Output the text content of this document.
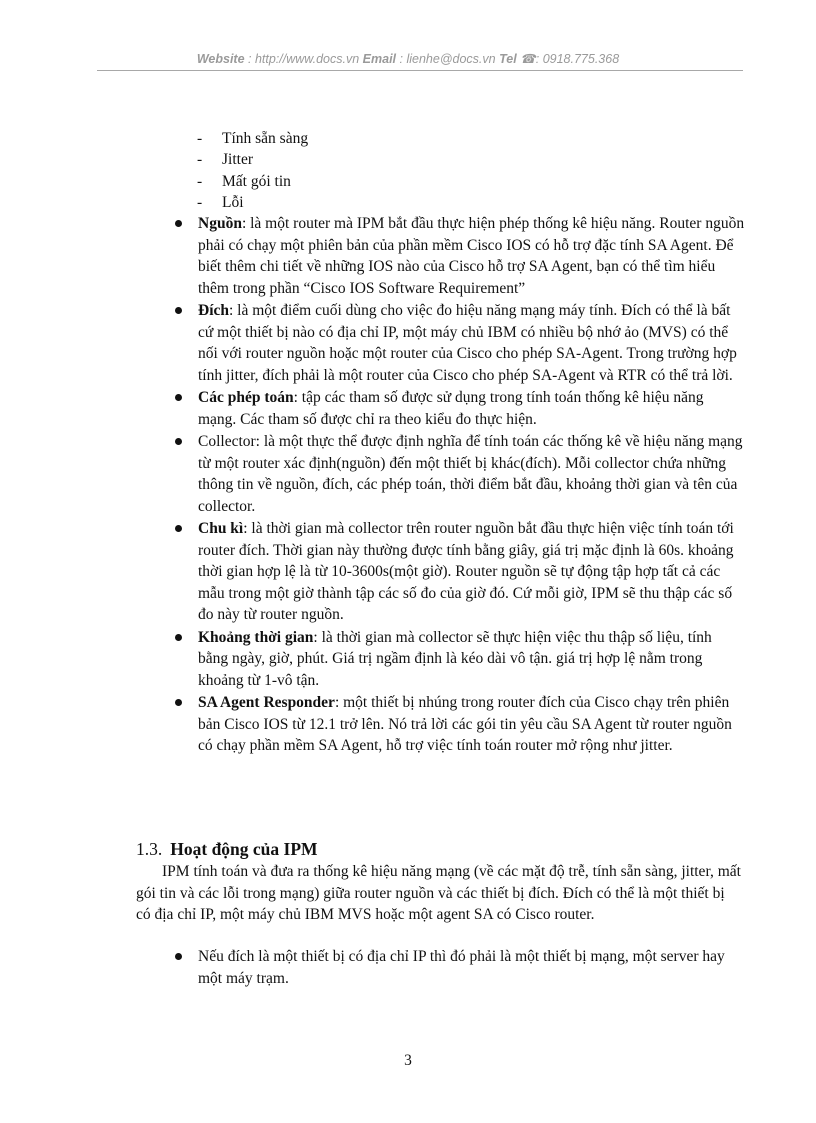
Website : http://www.docs.vn Email : lienhe@docs.vn Tel ☎: 0918.775.368
- Tính sẵn sàng
- Jitter
- Mất gói tin
- Lỗi
Nguồn: là một router mà IPM bắt đầu thực hiện phép thống kê hiệu năng. Router nguồn phải có chạy một phiên bản của phần mềm Cisco IOS có hỗ trợ đặc tính SA Agent. Để biết thêm chi tiết về những IOS nào của Cisco hỗ trợ SA Agent, bạn có thể tìm hiểu thêm trong phần “Cisco IOS Software Requirement”
Đích: là một điểm cuối dùng cho việc đo hiệu năng mạng máy tính. Đích có thể là bất cứ một thiết bị nào có địa chỉ IP, một máy chủ IBM có nhiều bộ nhớ ảo (MVS) có thể nối với router nguồn hoặc một router của Cisco cho phép SA-Agent. Trong trường hợp tính jitter, đích phải là một router của Cisco cho phép SA-Agent và RTR có thể trả lời.
Các phép toán: tập các tham số được sử dụng trong tính toán thống kê hiệu năng mạng. Các tham số được chỉ ra theo kiểu đo thực hiện.
Collector: là một thực thể được định nghĩa để tính toán các thống kê về hiệu năng mạng từ một router xác định(nguồn) đến một thiết bị khác(đích). Mỗi collector chứa những thông tin về nguồn, đích, các phép toán, thời điểm bắt đầu, khoảng thời gian và tên của collector.
Chu kì: là thời gian mà collector trên router nguồn bắt đầu thực hiện việc tính toán tới router đích. Thời gian này thường được tính bằng giây, giá trị mặc định là 60s. khoảng thời gian hợp lệ là từ 10-3600s(một giờ). Router nguồn sẽ tự động tập hợp tất cả các mẫu trong một giờ thành tập các số đo của giờ đó. Cứ mỗi giờ, IPM sẽ thu thập các số đo này từ router nguồn.
Khoảng thời gian: là thời gian mà collector sẽ thực hiện việc thu thập số liệu, tính bằng ngày, giờ, phút. Giá trị ngầm định là kéo dài vô tận. giá trị hợp lệ nằm trong khoảng từ 1-vô tận.
SA Agent Responder: một thiết bị nhúng trong router đích của Cisco chạy trên phiên bản Cisco IOS từ 12.1 trở lên. Nó trả lời các gói tin yêu cầu SA Agent từ router nguồn có chạy phần mềm SA Agent, hỗ trợ việc tính toán router mở rộng như jitter.
1.3. Hoạt động của IPM

IPM tính toán và đưa ra thống kê hiệu năng mạng (về các mặt độ trễ, tính sẵn sàng, jitter, mất gói tin và các lỗi trong mạng) giữa router nguồn và các thiết bị đích. Đích có thể là một thiết bị có địa chỉ IP, một máy chủ IBM MVS hoặc một agent SA có Cisco router.

Nếu đích là một thiết bị có địa chỉ IP thì đó phải là một thiết bị mạng, một server hay một máy trạm.
3
